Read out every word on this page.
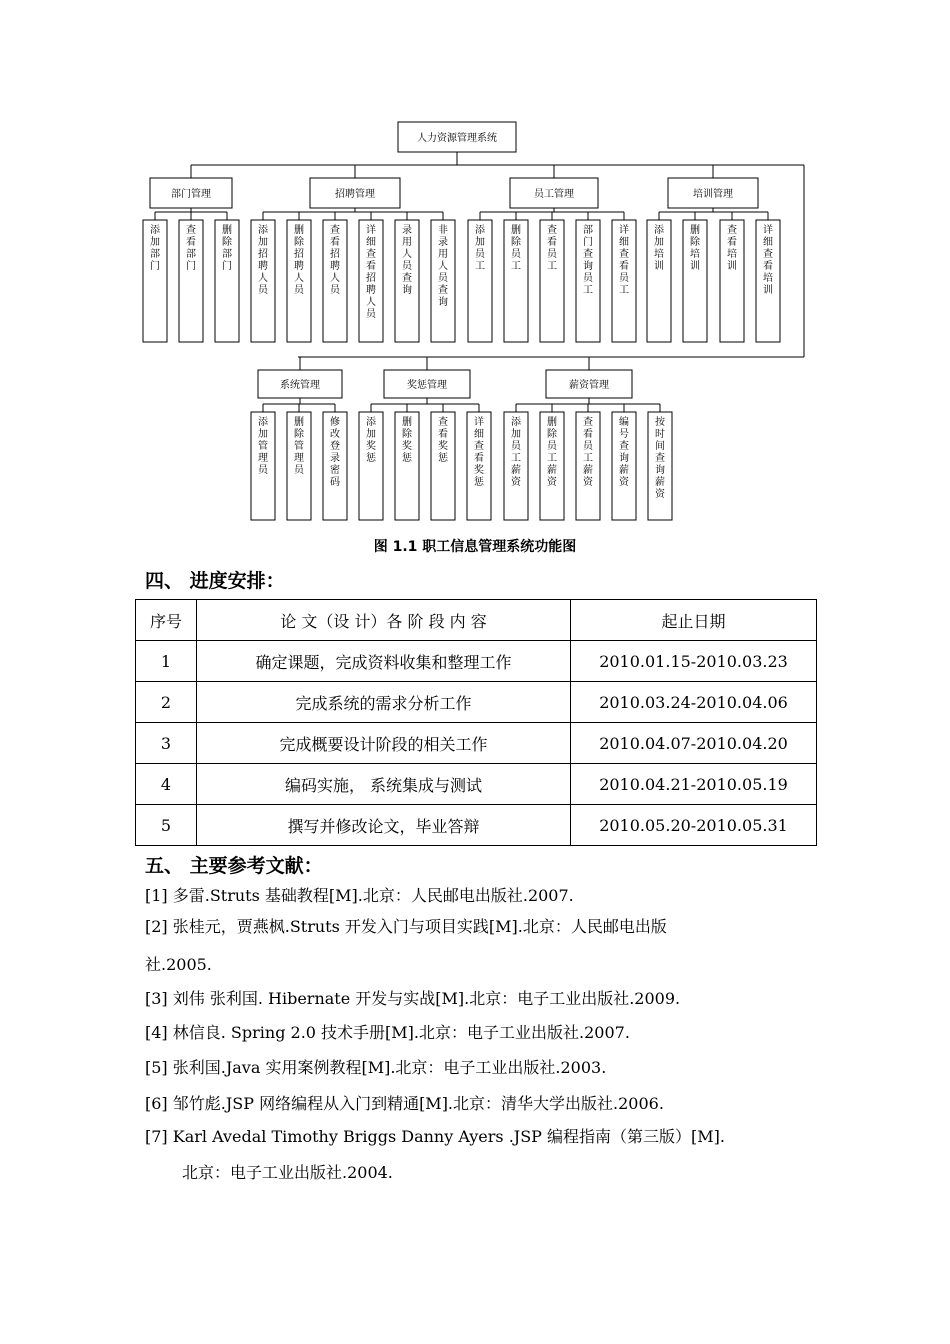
人力资源管理系统
部门管理
添加部门
查看部门
删除部门
招聘管理
添加招聘人员
删除招聘人员
查看招聘人员
详细查看招聘人员
录用人员查询
非录用人员查询
员工管理
添加员工
删除员工
查看员工
部门查询员工
详细查看员工
培训管理
添加培训
删除培训
查看培训
详细查看培训
系统管理
添加管理员
删除管理员
修改登录密码
奖惩管理
添加奖惩
删除奖惩
查看奖惩
详细查看奖惩
薪资管理
添加员工薪资
删除员工薪资
查看员工薪资
编号查询薪资
按时间查询薪资
图 1.1 职工信息管理系统功能图
四、 进度安排：
序号	论 文（设 计）各 阶 段 内 容	起止日期
1	确定课题，完成资料收集和整理工作	2010.01.15-2010.03.23
2	完成系统的需求分析工作	2010.03.24-2010.04.06
3	完成概要设计阶段的相关工作	2010.04.07-2010.04.20
4	编码实施， 系统集成与测试	2010.04.21-2010.05.19
5	撰写并修改论文，毕业答辩	2010.05.20-2010.05.31
五、 主要参考文献：
[1] 多雷.Struts 基础教程[M].北京：人民邮电出版社.2007.
[2] 张桂元，贾燕枫.Struts 开发入门与项目实践[M].北京：人民邮电出版
社.2005.
[3] 刘伟 张利国. Hibernate 开发与实战[M].北京：电子工业出版社.2009.
[4] 林信良. Spring 2.0 技术手册[M].北京：电子工业出版社.2007.
[5] 张利国.Java 实用案例教程[M].北京：电子工业出版社.2003.
[6] 邹竹彪.JSP 网络编程从入门到精通[M].北京：清华大学出版社.2006.
[7] Karl Avedal Timothy Briggs Danny Ayers .JSP 编程指南（第三版）[M].
北京：电子工业出版社.2004.
